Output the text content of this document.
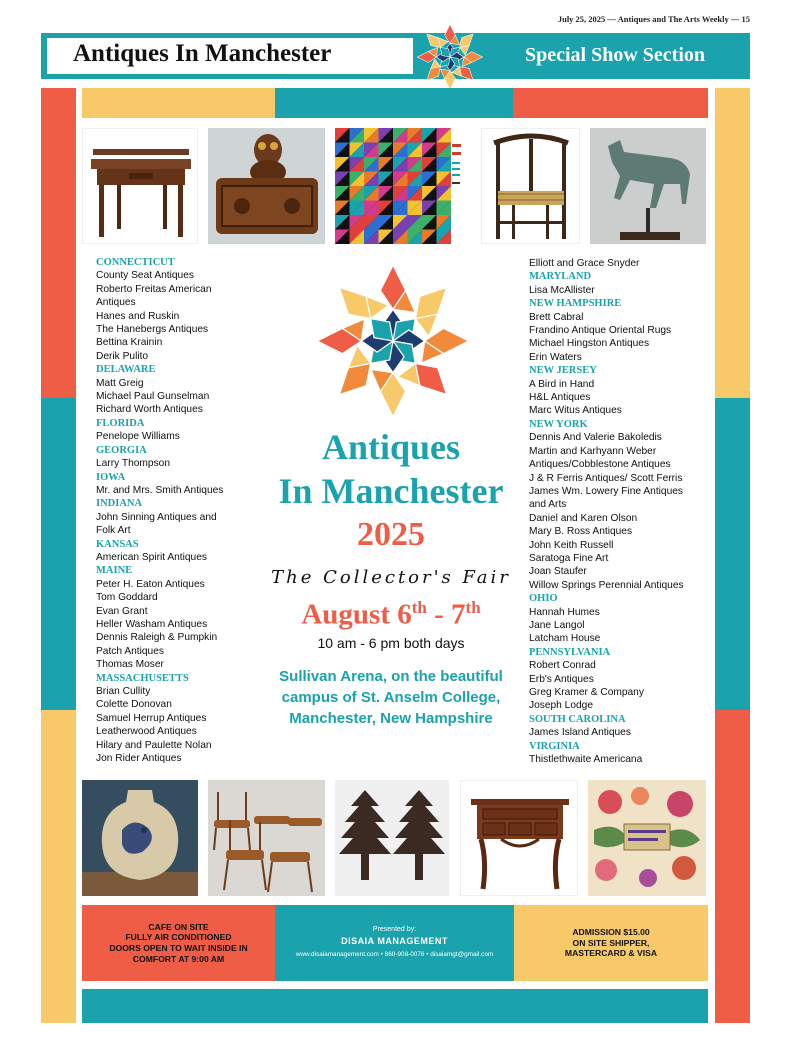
July 25, 2025 — Antiques and The Arts Weekly — 15
Antiques In Manchester	Special Show Section
CONNECTICUT
County Seat Antiques
Roberto Freitas American
Antiques
Hanes and Ruskin
The Hanebergs Antiques
Bettina Krainin
Derik Pulito
DELAWARE
Matt Greig
Michael Paul Gunselman
Richard Worth Antiques
FLORIDA
Penelope Williams
GEORGIA
Larry Thompson
IOWA
Mr. and Mrs. Smith Antiques
INDIANA
John Sinning Antiques and
Folk Art
KANSAS
American Spirit Antiques
MAINE
Peter H. Eaton Antiques
Tom Goddard
Evan Grant
Heller Washam Antiques
Dennis Raleigh & Pumpkin
Patch Antiques
Thomas Moser
MASSACHUSETTS
Brian Cullity
Colette Donovan
Samuel Herrup Antiques
Leatherwood Antiques
Hilary and Paulette Nolan
Jon Rider Antiques
Elliott and Grace Snyder
MARYLAND
Lisa McAllister
NEW HAMPSHIRE
Brett Cabral
Frandino Antique Oriental Rugs
Michael Hingston Antiques
Erin Waters
NEW JERSEY
A Bird in Hand
H&L Antiques
Marc Witus Antiques
NEW YORK
Dennis And Valerie Bakoledis
Martin and Karhyann Weber
Antiques/Cobblestone Antiques
J & R Ferris Antiques/ Scott Ferris
James Wm. Lowery Fine Antiques
and Arts
Daniel and Karen Olson
Mary B. Ross Antiques
John Keith Russell
Saratoga Fine Art
Joan Staufer
Willow Springs Perennial Antiques
OHIO
Hannah Humes
Jane Langol
Latcham House
PENNSYLVANIA
Robert Conrad
Erb's Antiques
Greg Kramer & Company
Joseph Lodge
SOUTH CAROLINA
James Island Antiques
VIRGINIA
Thistlethwaite Americana
Antiques
In Manchester
2025
The Collector's Fair
August 6th - 7th
10 am - 6 pm both days
Sullivan Arena, on the beautiful
campus of St. Anselm College,
Manchester, New Hampshire
CAFE ON SITE
FULLY AIR CONDITIONED
DOORS OPEN TO WAIT INSIDE IN
COMFORT AT 9:00 AM
Presented by:
DISAIA MANAGEMENT
www.disaiamanagement.com • 860-908-0076 • disaiamgt@gmail.com
ADMISSION $15.00
ON SITE SHIPPER,
MASTERCARD & VISA
